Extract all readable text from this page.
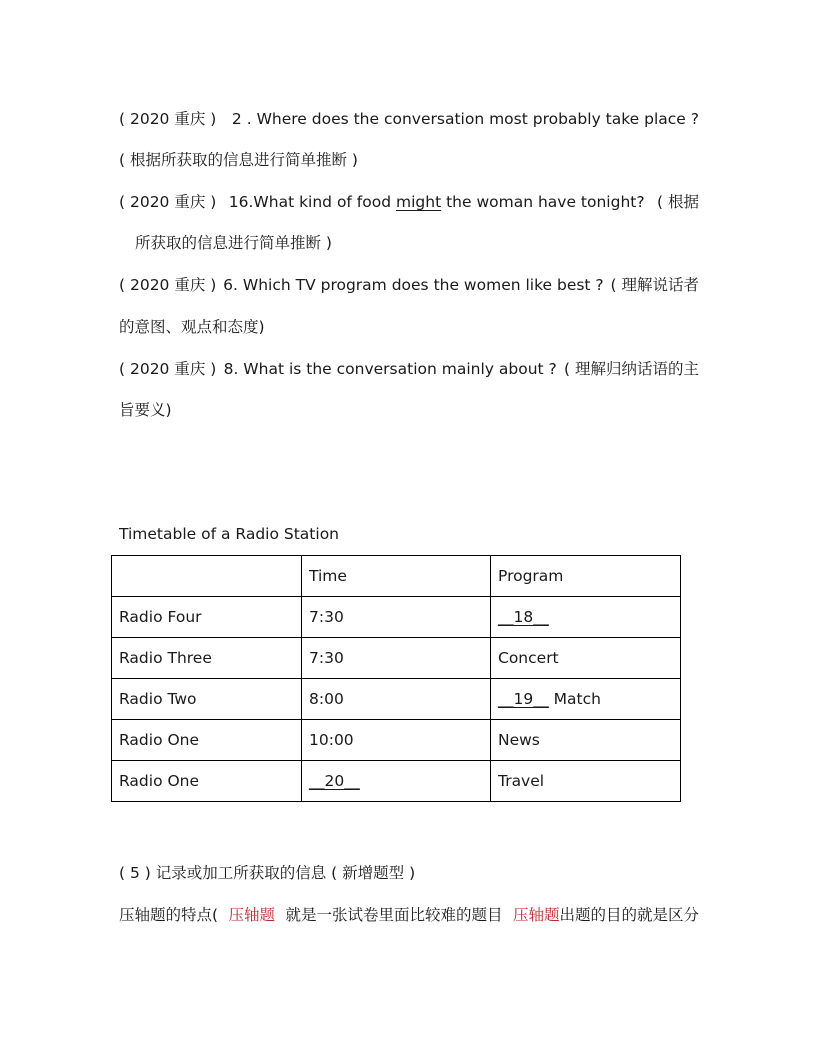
( 2020 重庆 ) 2 . Where does the conversation most probably take place ?
( 根据所获取的信息进行简单推断 )
( 2020 重庆 ) 16.What kind of food might the woman have tonight? ( 根据
所获取的信息进行简单推断 )
( 2020 重庆 ) 6. Which TV program does the women like best ? ( 理解说话者
的意图、观点和态度)
( 2020 重庆 ) 8. What is the conversation mainly about ? ( 理解归纳话语的主
旨要义)
Timetable of a Radio Station
	Time	Program
Radio Four	7:30	__18__
Radio Three	7:30	Concert
Radio Two	8:00	__19__ Match
Radio One	10:00	News
Radio One	__20__	Travel
( 5 ) 记录或加工所获取的信息 ( 新增题型 )
压轴题的特点( 压轴题 就是一张试卷里面比较难的题目 压轴题出题的目的就是区分
